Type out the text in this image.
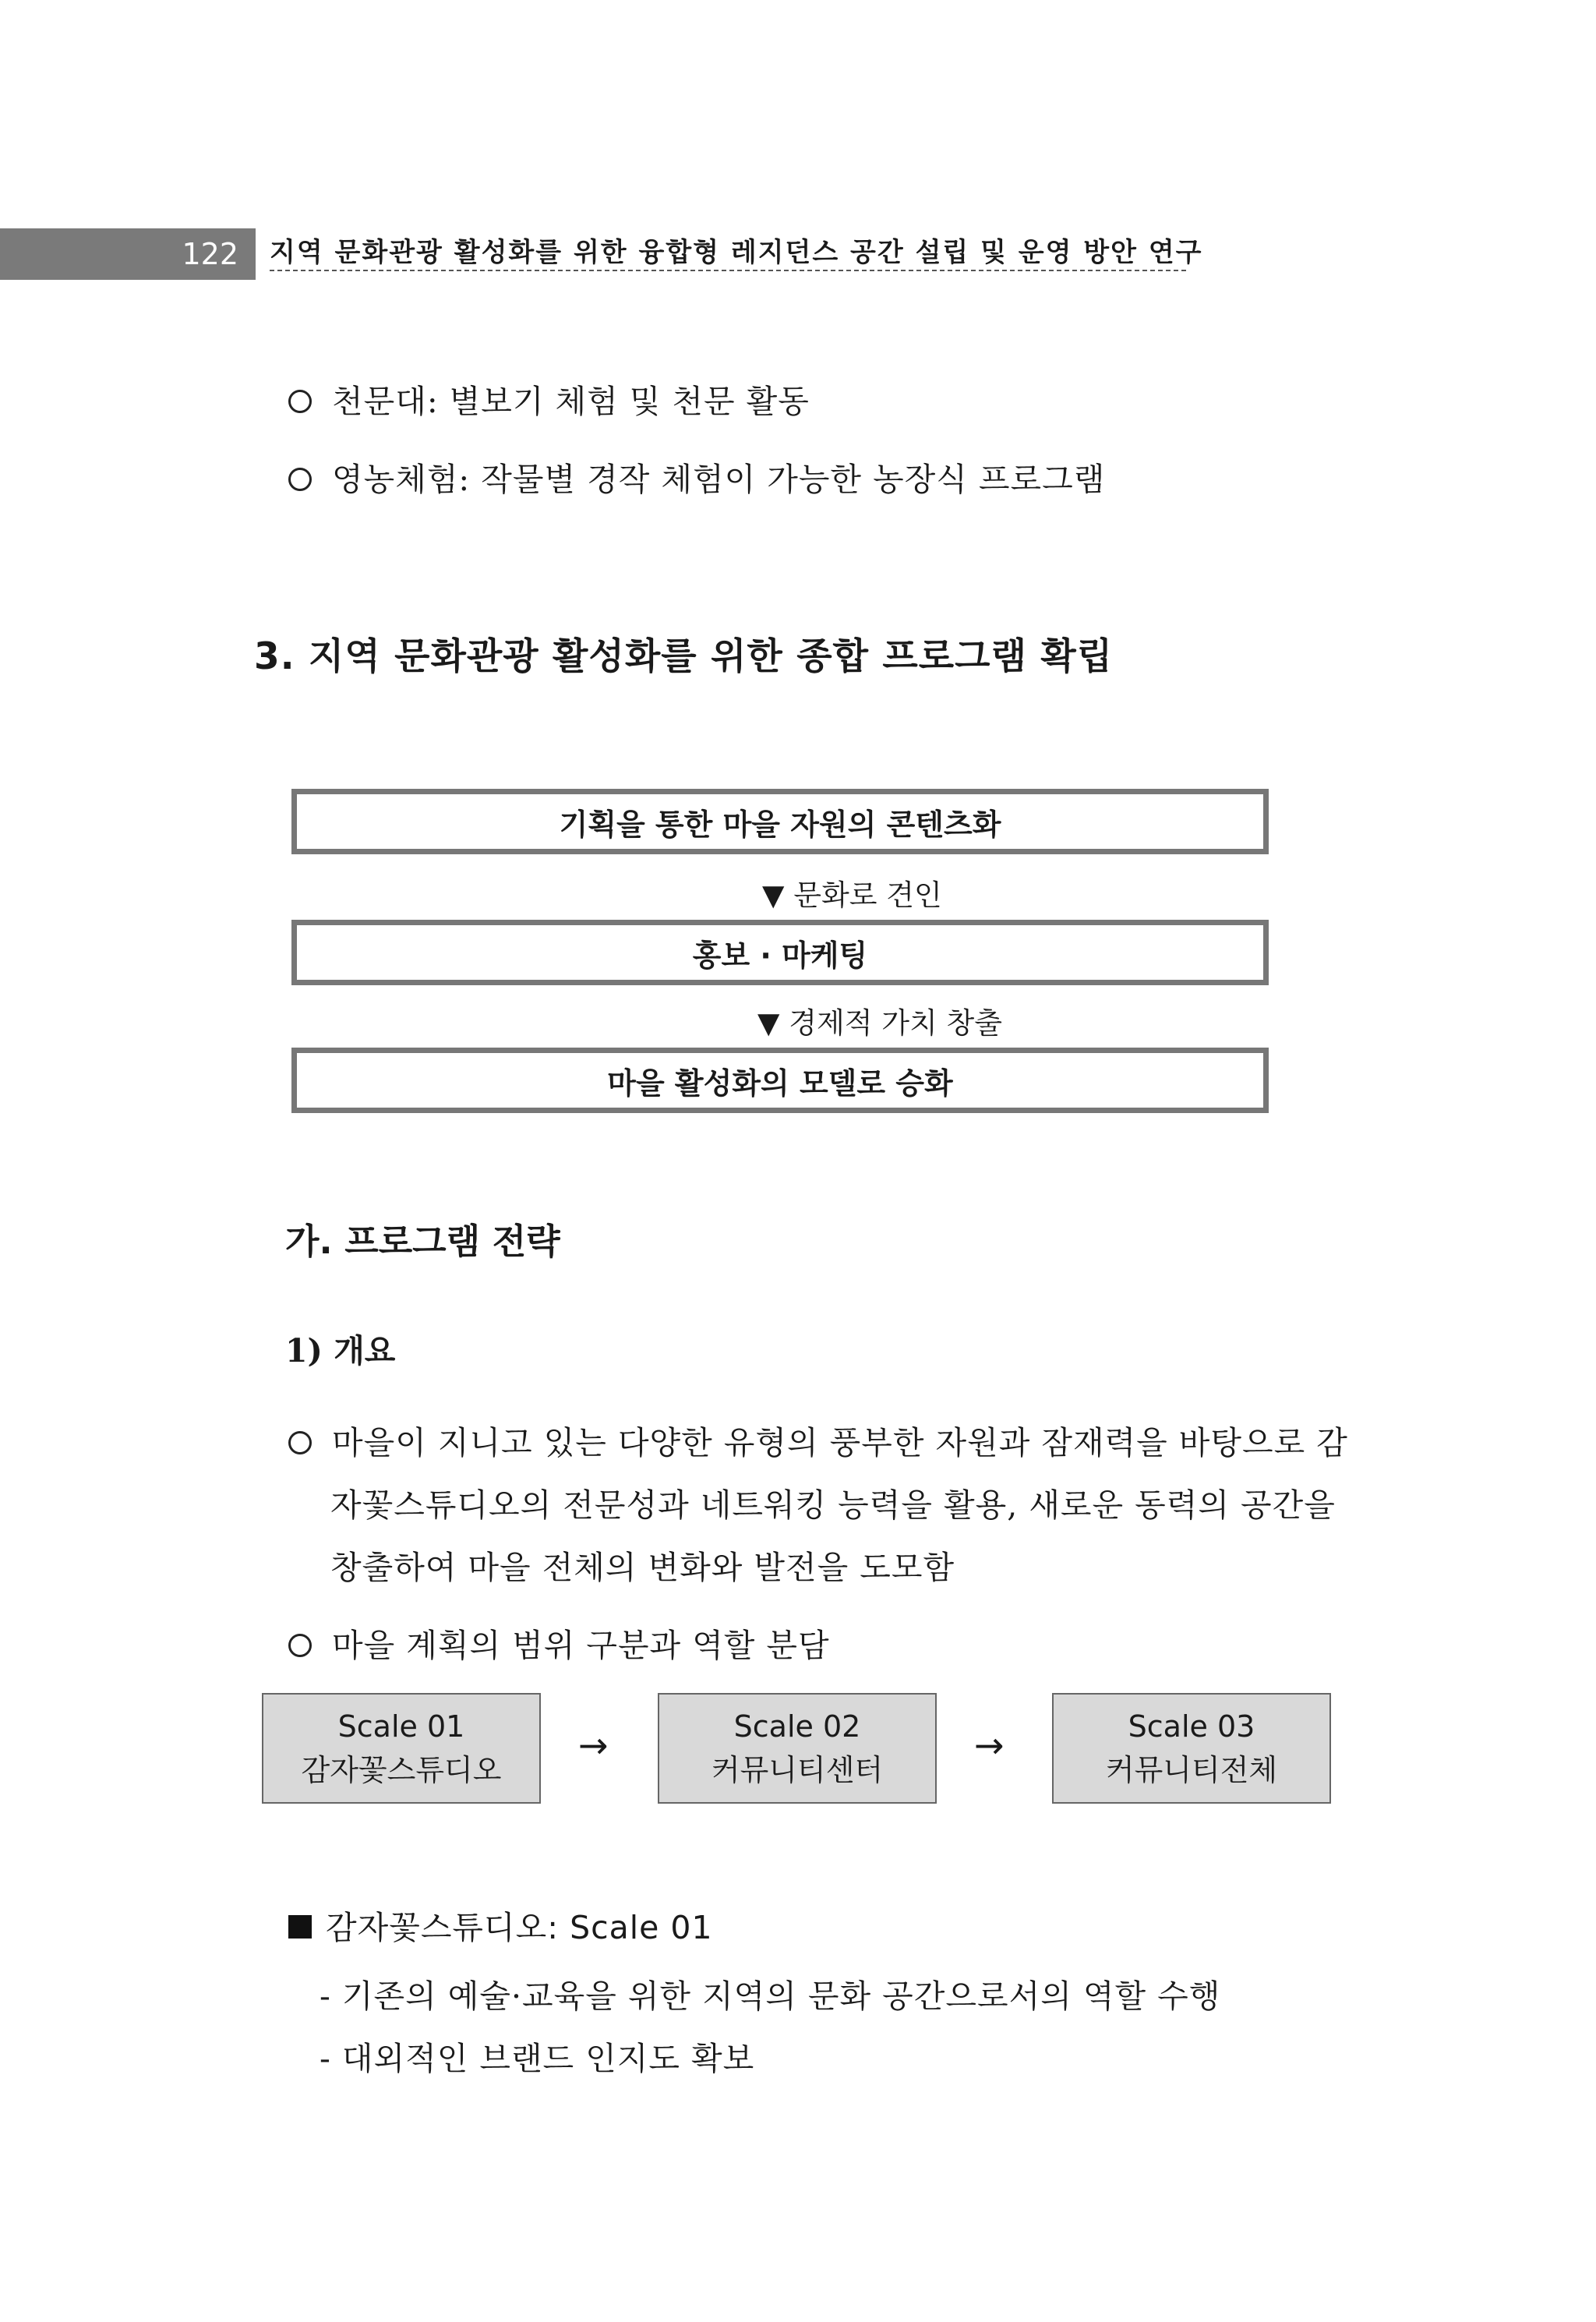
122	지역 문화관광 활성화를 위한 융합형 레지던스 공간 설립 및 운영 방안 연구
천문대: 별보기 체험 및 천문 활동
영농체험: 작물별 경작 체험이 가능한 농장식 프로그램
3. 지역 문화관광 활성화를 위한 종합 프로그램 확립
기획을 통한 마을 자원의 콘텐츠화
▼ 문화로 견인
홍보 · 마케팅
▼ 경제적 가치 창출
마을 활성화의 모델로 승화
가. 프로그램 전략
1) 개요
마을이 지니고 있는 다양한 유형의 풍부한 자원과 잠재력을 바탕으로 감
자꽃스튜디오의 전문성과 네트워킹 능력을 활용, 새로운 동력의 공간을
창출하여 마을 전체의 변화와 발전을 도모함
마을 계획의 범위 구분과 역할 분담
Scale 01
감자꽃스튜디오
→	Scale 02
커뮤니티센터
→	Scale 03
커뮤니티전체
감자꽃스튜디오: Scale 01
- 기존의 예술·교육을 위한 지역의 문화 공간으로서의 역할 수행
- 대외적인 브랜드 인지도 확보
